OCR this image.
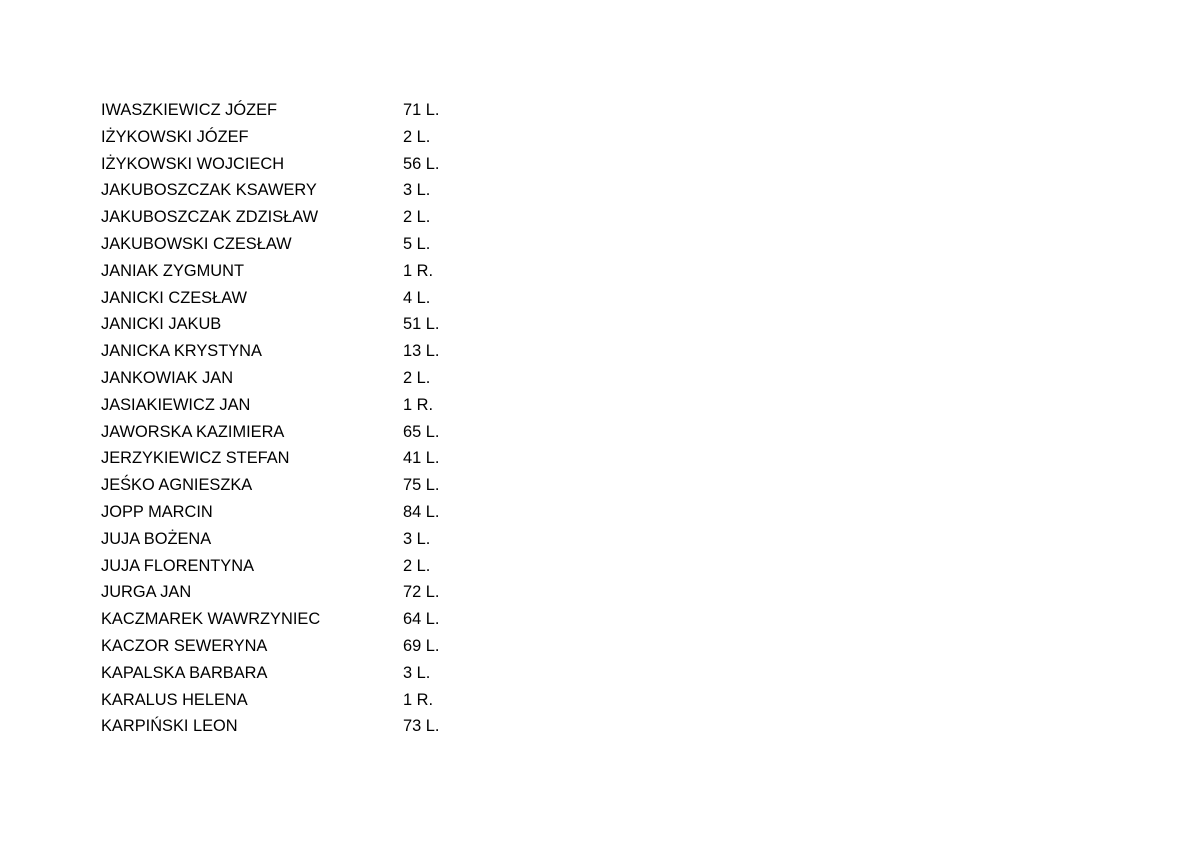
IWASZKIEWICZ JÓZEF	71 L.
IŻYKOWSKI JÓZEF	2 L.
IŻYKOWSKI WOJCIECH	56 L.
JAKUBOSZCZAK KSAWERY	3 L.
JAKUBOSZCZAK ZDZISŁAW	2 L.
JAKUBOWSKI CZESŁAW	5 L.
JANIAK ZYGMUNT	1 R.
JANICKI CZESŁAW	4 L.
JANICKI JAKUB	51 L.
JANICKA KRYSTYNA	13 L.
JANKOWIAK JAN	2 L.
JASIAKIEWICZ JAN	1 R.
JAWORSKA KAZIMIERA	65 L.
JERZYKIEWICZ STEFAN	41 L.
JEŚKO AGNIESZKA	75 L.
JOPP MARCIN	84 L.
JUJA BOŻENA	3 L.
JUJA FLORENTYNA	2 L.
JURGA JAN	72 L.
KACZMAREK WAWRZYNIEC	64 L.
KACZOR SEWERYNA	69 L.
KAPALSKA BARBARA	3 L.
KARALUS HELENA	1 R.
KARPIŃSKI LEON	73 L.
